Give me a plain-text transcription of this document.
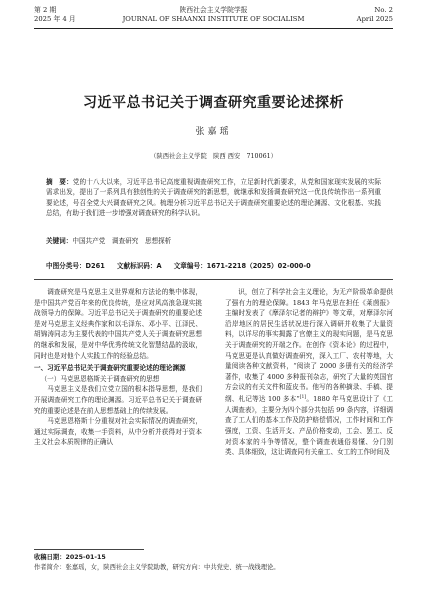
第 2 期	陕西社会主义学院学报	No. 2
2025 年 4 月	JOURNAL OF SHAANXI INSTITUTE OF SOCIALISM	April 2025
习近平总书记关于调查研究重要论述探析
张嘉瑶
（陕西社会主义学院　陕西 西安　710061）
摘　要：党的十八大以来，习近平总书记高度重视调查研究工作，立足新时代新要求，从党和国家现实发展的实际需求出发，提出了一系列具有独创性的关于调查研究的新思想，就继承和发扬调查研究这一优良传统作出一系列重要论述，号召全党大兴调查研究之风。梳理分析习近平总书记关于调查研究重要论述的理论渊源、文化根基、实践总结，有助于我们进一步增强对调查研究的科学认识。
关键词：中国共产党　调查研究　思想探析
中图分类号：D261 文献标识码：A 文章编号：1671-2218（2025）02-000-0

调查研究是马克思主义世界观和方法论的集中体现，是中国共产党百年来的优良传统，是应对风高浪急现实挑战领导力的保障。习近平总书记关于调查研究的重要论述是对马克思主义经典作家和以毛泽东、邓小平、江泽民、胡锦涛同志为主要代表的中国共产党人关于调查研究思想的继承和发展，是对中华优秀传统文化智慧结晶的汲取，同时也是对他个人实践工作的经验总结。

一、习近平总书记关于调查研究重要论述的理论渊源

（一）马克思恩格斯关于调查研究的思想

马克思主义是我们立党立国的根本指导思想，是我们开展调查研究工作的理论渊源。习近平总书记关于调查研究的重要论述是在前人思想基础上的传续发展。

马克思恩格斯十分重视对社会实际情况的调查研究，通过实际调查，收集一手资料，从中分析并获得对于资本主义社会本质规律的正确认

识，创立了科学社会主义理论，为无产阶级革命提供了强有力的理论保障。1843 年马克思在担任《莱茵报》主编时发表了《摩泽尔记者的辩护》等文章，对摩泽尔河沿岸地区的居民生活状况进行深入调研并收集了大量资料，以详尽的事实揭露了官僚主义的现实问题，是马克思关于调查研究的开端之作。在创作《资本论》的过程中，马克思更是认真做好调查研究，深入工厂、农村等地，大量阅读各种文献资料，“阅读了 2000 多册有关的经济学著作，收集了 4000 多种报刊杂志，研究了大量的英国官方会议的有关文件和蓝皮书。他写的各种摘录、手稿、提纲、札记等达 100 多本”[1]。1880 年马克思设计了《工人调查表》，主要分为四个部分共包括 99 条内容，详细调查了工人们的基本工作及防护赔偿情况，工作时间和工作强度，工资、生活开支、产品价格变动，工会、罢工、反对资本家的斗争等情况，整个调查表通俗易懂、分门别类、具体细致，这让调查同有关童工、女工的工作时间及

收稿日期：2025-01-15
作者简介：张嘉瑶，女，陕西社会主义学院助教，研究方向：中共党史、统一战线理论。
